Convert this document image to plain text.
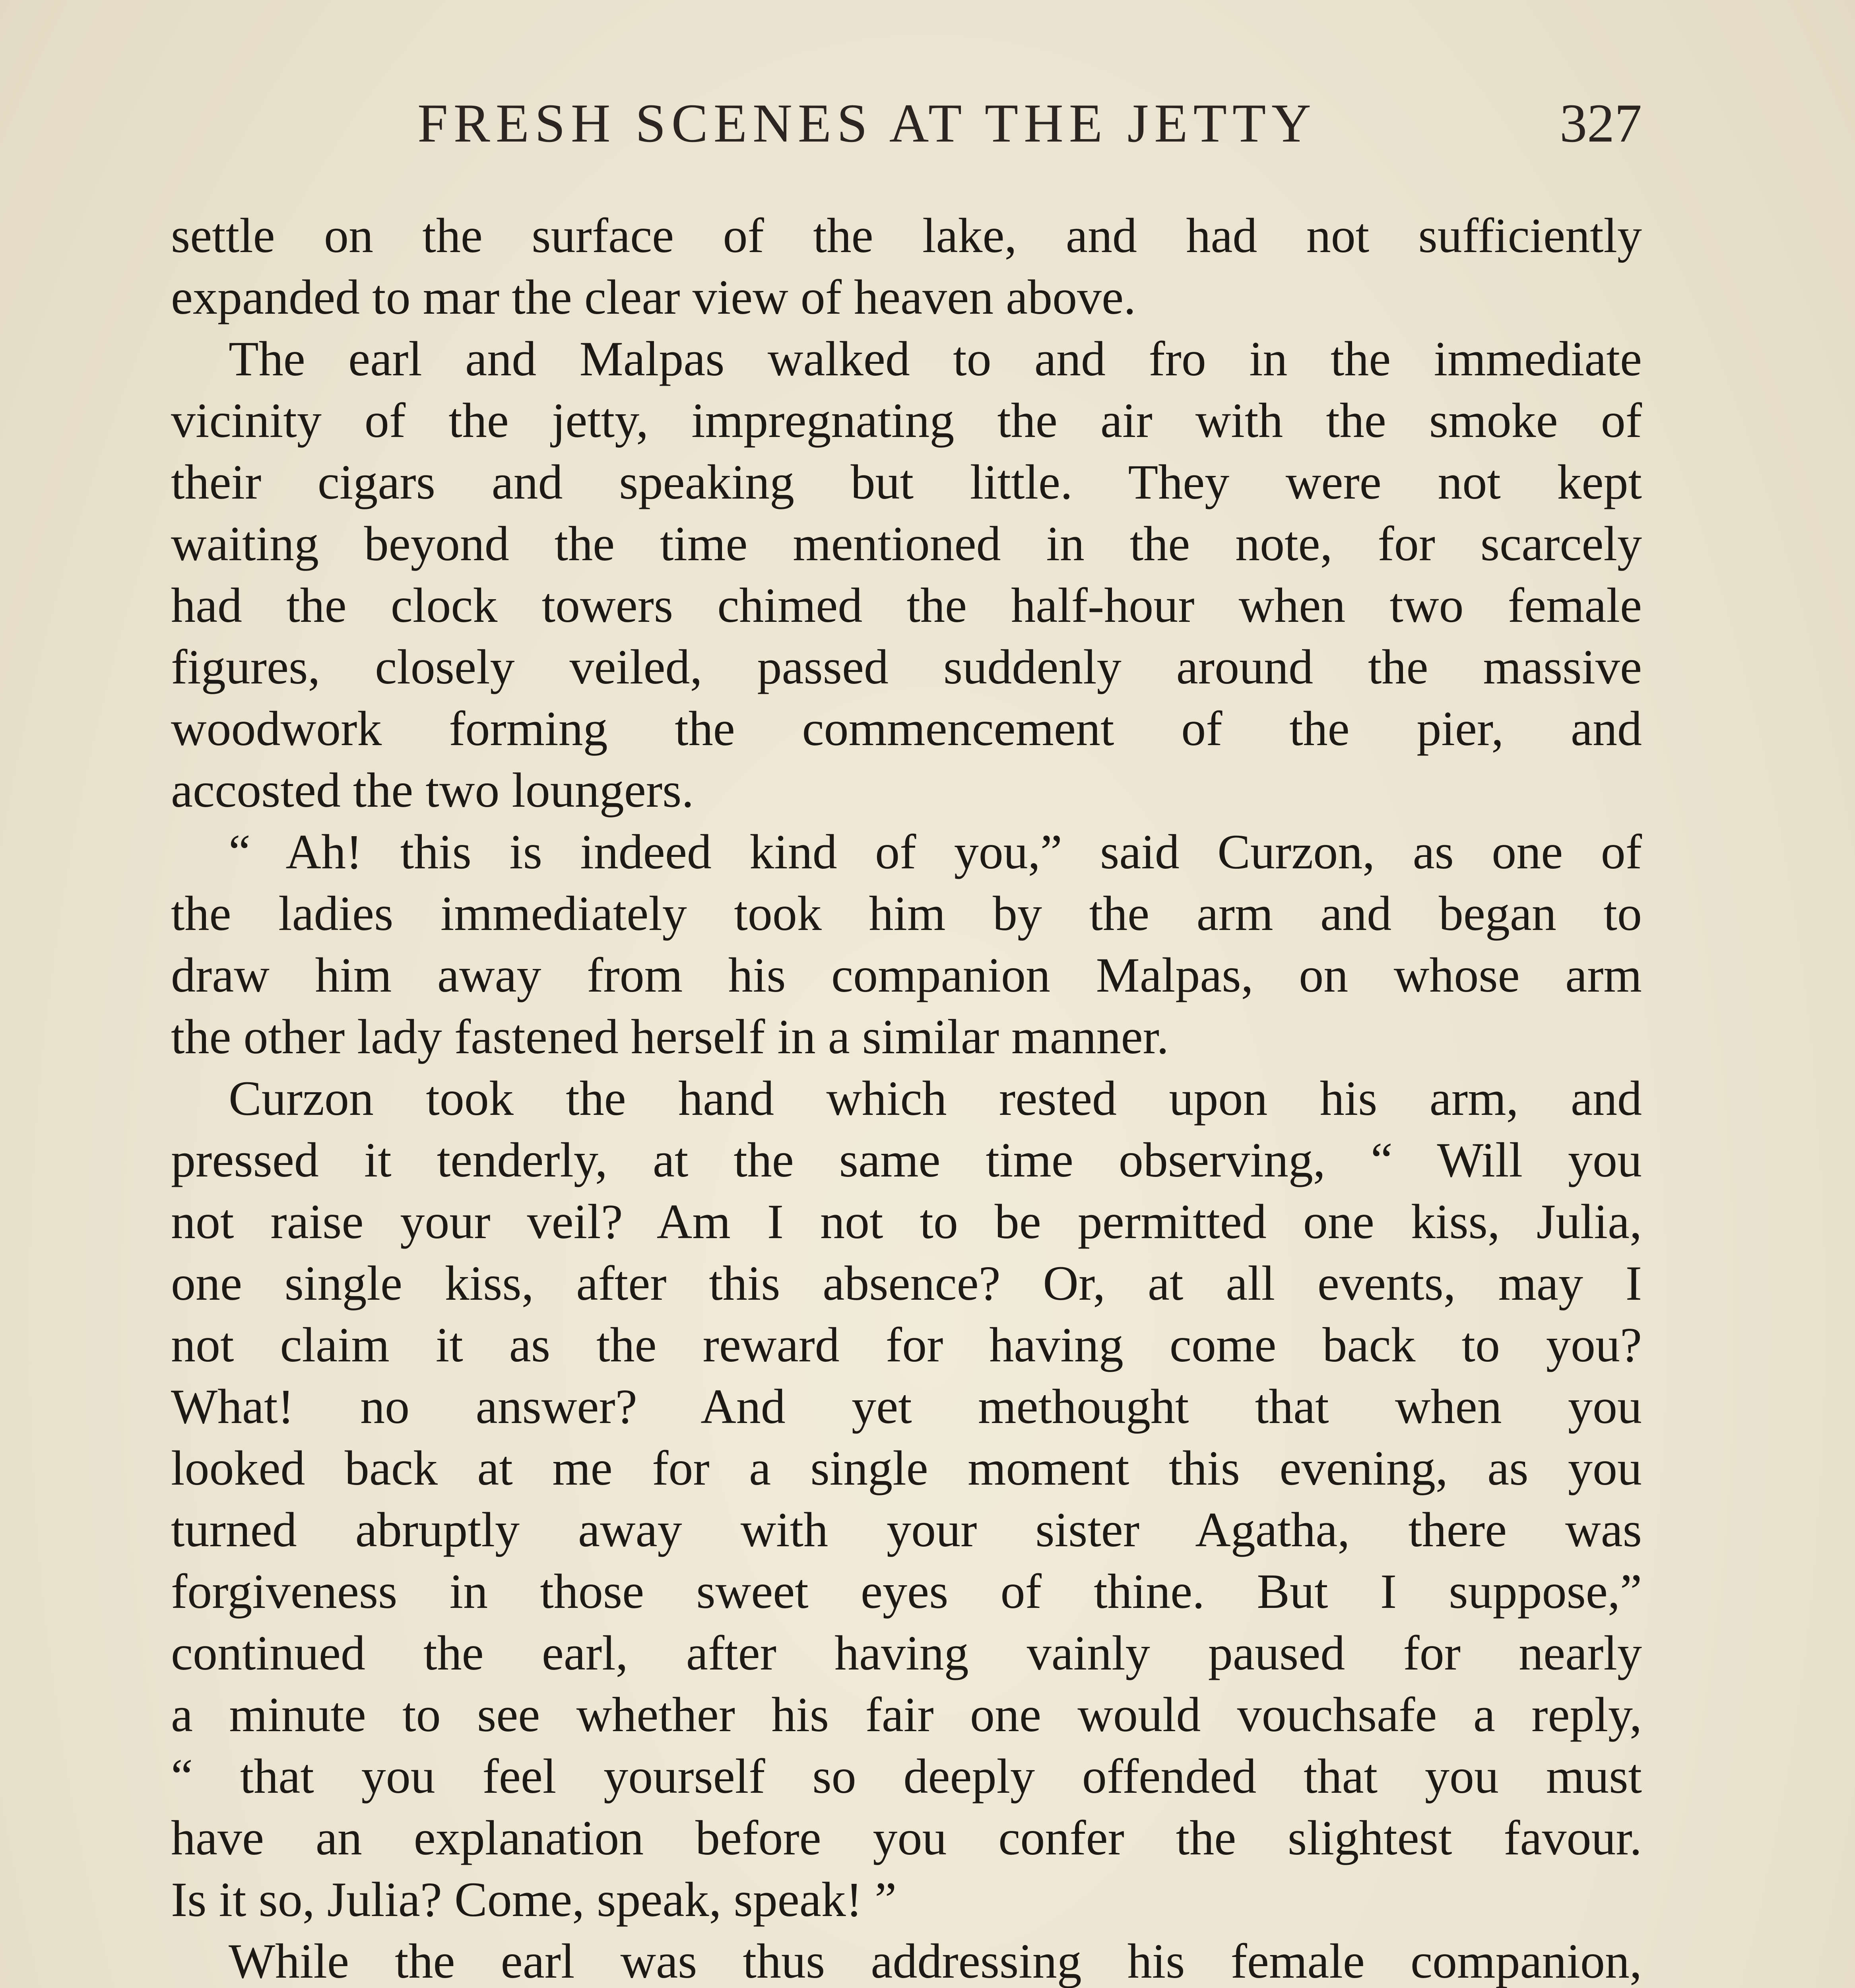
FRESH SCENES AT THE JETTY	327
settle on the surface of the lake, and had not sufficiently
expanded to mar the clear view of heaven above.
The earl and Malpas walked to and fro in the immediate
vicinity of the jetty, impregnating the air with the smoke of
their cigars and speaking but little. They were not kept
waiting beyond the time mentioned in the note, for scarcely
had the clock towers chimed the half-hour when two female
figures, closely veiled, passed suddenly around the massive
woodwork forming the commencement of the pier, and
accosted the two loungers.
“ Ah! this is indeed kind of you,” said Curzon, as one of
the ladies immediately took him by the arm and began to
draw him away from his companion Malpas, on whose arm
the other lady fastened herself in a similar manner.
Curzon took the hand which rested upon his arm, and
pressed it tenderly, at the same time observing, “ Will you
not raise your veil? Am I not to be permitted one kiss, Julia,
one single kiss, after this absence? Or, at all events, may I
not claim it as the reward for having come back to you?
What! no answer? And yet methought that when you
looked back at me for a single moment this evening, as you
turned abruptly away with your sister Agatha, there was
forgiveness in those sweet eyes of thine. But I suppose,”
continued the earl, after having vainly paused for nearly
a minute to see whether his fair one would vouchsafe a reply,
“ that you feel yourself so deeply offended that you must
have an explanation before you confer the slightest favour.
Is it so, Julia? Come, speak, speak! ”
While the earl was thus addressing his female companion,
